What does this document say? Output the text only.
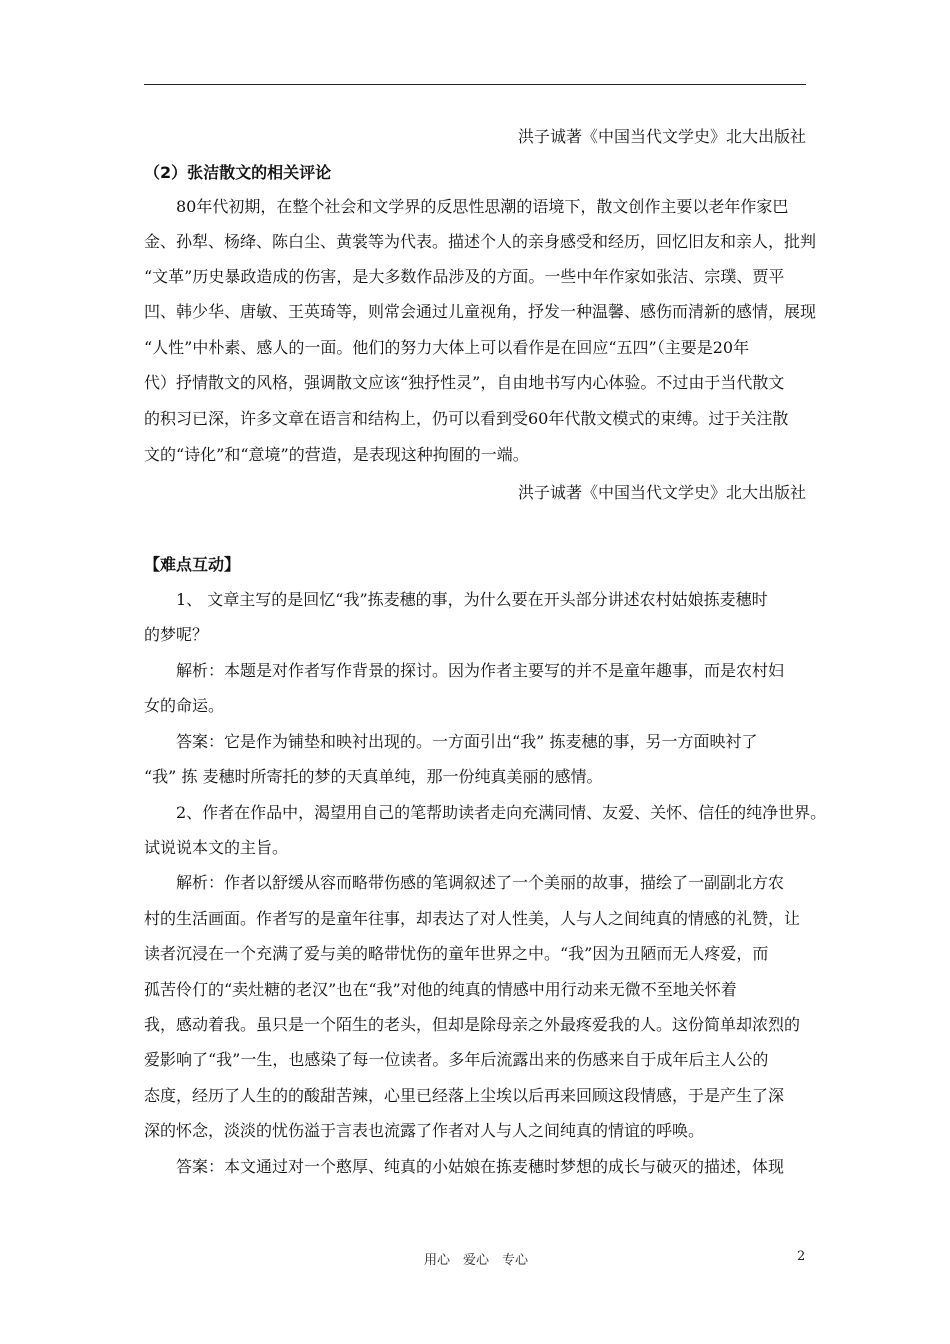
洪子诚著《中国当代文学史》北大出版社
（2）张洁散文的相关评论
80年代初期，在整个社会和文学界的反思性思潮的语境下，散文创作主要以老年作家巴
金、孙犁、杨绛、陈白尘、黄裳等为代表。描述个人的亲身感受和经历，回忆旧友和亲人，批判
“文革”历史暴政造成的伤害，是大多数作品涉及的方面。一些中年作家如张洁、宗璞、贾平
凹、韩少华、唐敏、王英琦等，则常会通过儿童视角，抒发一种温馨、感伤而清新的感情，展现
“人性”中朴素、感人的一面。他们的努力大体上可以看作是在回应“五四”（主要是20年
代）抒情散文的风格，强调散文应该“独抒性灵”，自由地书写内心体验。不过由于当代散文
的积习已深，许多文章在语言和结构上，仍可以看到受60年代散文模式的束缚。过于关注散
文的“诗化”和“意境”的营造，是表现这种拘囿的一端。
洪子诚著《中国当代文学史》北大出版社
【难点互动】
1、 文章主写的是回忆“我”拣麦穗的事，为什么要在开头部分讲述农村姑娘拣麦穗时
的梦呢？
解析：本题是对作者写作背景的探讨。因为作者主要写的并不是童年趣事，而是农村妇
女的命运。
答案：它是作为铺垫和映衬出现的。一方面引出“我” 拣麦穗的事，另一方面映衬了
“我” 拣 麦穗时所寄托的梦的天真单纯，那一份纯真美丽的感情。
2、作者在作品中，渴望用自己的笔帮助读者走向充满同情、友爱、关怀、信任的纯净世界。
试说说本文的主旨。
解析：作者以舒缓从容而略带伤感的笔调叙述了一个美丽的故事，描绘了一副副北方农
村的生活画面。作者写的是童年往事，却表达了对人性美，人与人之间纯真的情感的礼赞，让
读者沉浸在一个充满了爱与美的略带忧伤的童年世界之中。“我”因为丑陋而无人疼爱，而
孤苦伶仃的“卖灶糖的老汉”也在“我”对他的纯真的情感中用行动来无微不至地关怀着
我，感动着我。虽只是一个陌生的老头，但却是除母亲之外最疼爱我的人。这份简单却浓烈的
爱影响了“我”一生，也感染了每一位读者。多年后流露出来的伤感来自于成年后主人公的
态度，经历了人生的的酸甜苦辣，心里已经落上尘埃以后再来回顾这段情感，于是产生了深
深的怀念，淡淡的忧伤溢于言表也流露了作者对人与人之间纯真的情谊的呼唤。
答案：本文通过对一个憨厚、纯真的小姑娘在拣麦穗时梦想的成长与破灭的描述，体现
用心　爱心　专心	2
